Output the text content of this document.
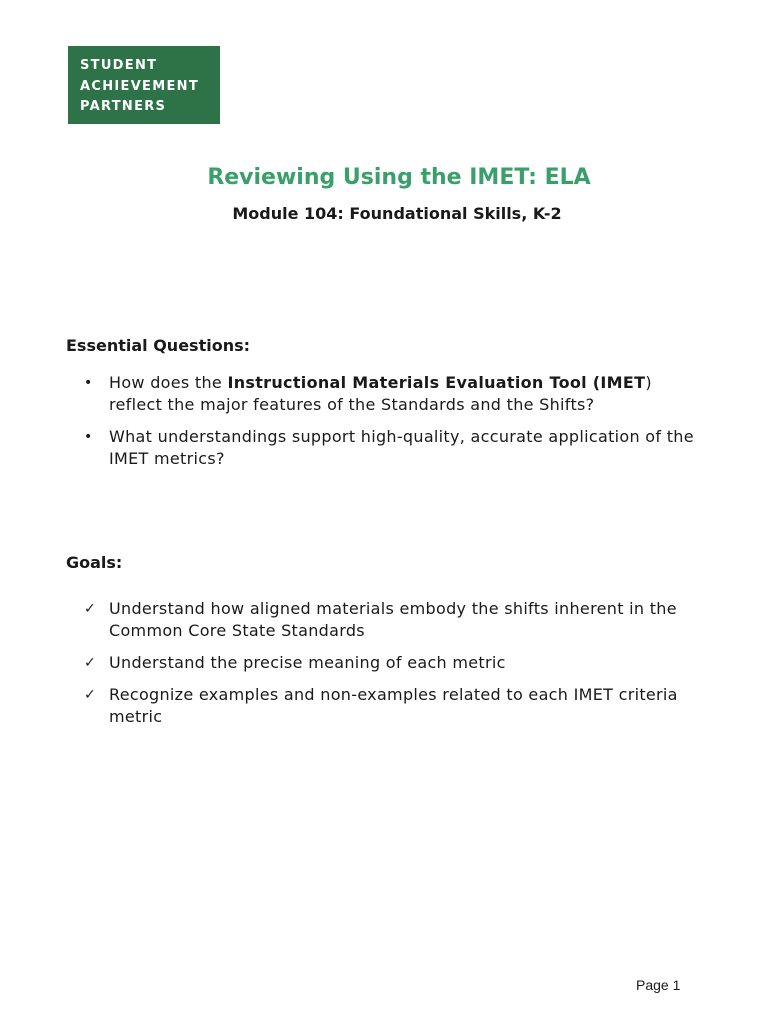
STUDENT
ACHIEVEMENT
PARTNERS
Reviewing Using the IMET: ELA
Module 104: Foundational Skills, K-2
Essential Questions:
•	How does the Instructional Materials Evaluation Tool (IMET) reflect the major features of the Standards and the Shifts?
•	What understandings support high-quality, accurate application of the IMET metrics?
Goals:
✓ Understand how aligned materials embody the shifts inherent in the Common Core State Standards
✓ Understand the precise meaning of each metric
✓ Recognize examples and non-examples related to each IMET criteria metric
Page 1
